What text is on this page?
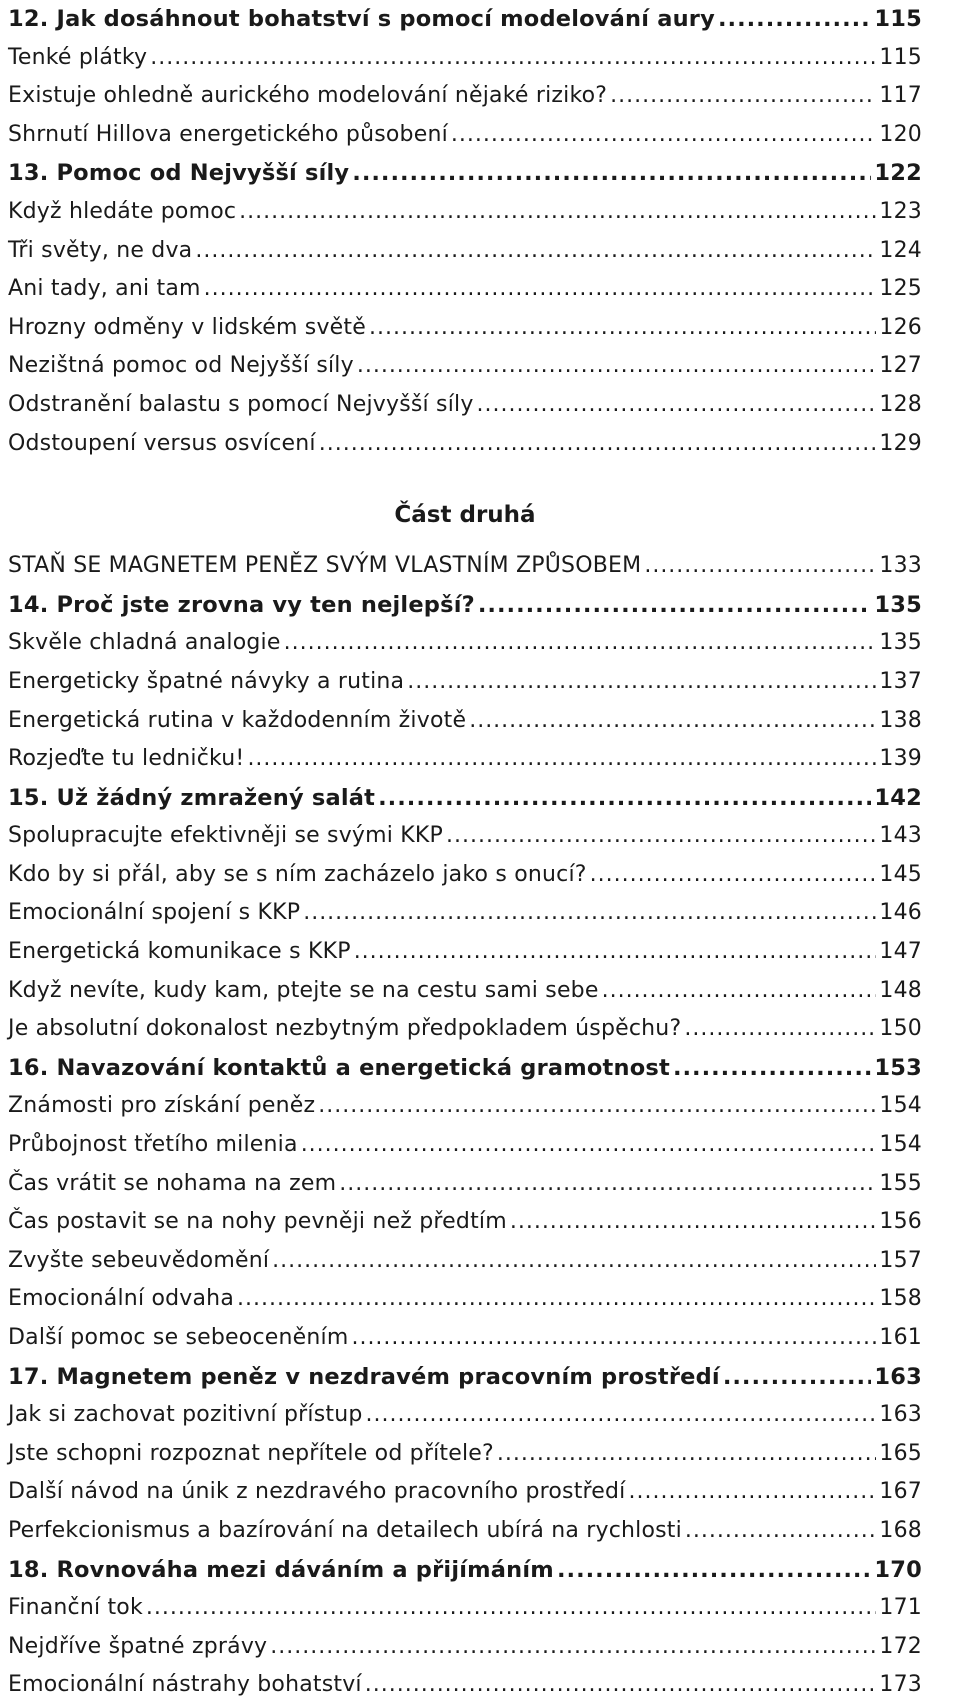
12. Jak dosáhnout bohatství s pomocí modelování aury .....	115
Tenké plátky .....	115
Existuje ohledně aurického modelování nějaké riziko? .....	117
Shrnutí Hillova energetického působení .....	120
13. Pomoc od Nejvyšší síly .....	122
Když hledáte pomoc .....	123
Tři světy, ne dva .....	124
Ani tady, ani tam .....	125
Hrozny odměny v lidském světě .....	126
Nezištná pomoc od Nejyšší síly .....	127
Odstranění balastu s pomocí Nejvyšší síly .....	128
Odstoupení versus osvícení .....	129
Část druhá
STAŇ SE MAGNETEM PENĚZ SVÝM VLASTNÍM ZPŮSOBEM .....	133
14. Proč jste zrovna vy ten nejlepší? .....	135
Skvěle chladná analogie .....	135
Energeticky špatné návyky a rutina .....	137
Energetická rutina v každodenním životě .....	138
Rozjeďte tu ledničku! .....	139
15. Už žádný zmražený salát .....	142
Spolupracujte efektivněji se svými KKP .....	143
Kdo by si přál, aby se s ním zacházelo jako s onucí? .....	145
Emocionální spojení s KKP .....	146
Energetická komunikace s KKP .....	147
Když nevíte, kudy kam, ptejte se na cestu sami sebe .....	148
Je absolutní dokonalost nezbytným předpokladem úspěchu? .....	150
16. Navazování kontaktů a energetická gramotnost .....	153
Známosti pro získání peněz .....	154
Průbojnost třetího milenia .....	154
Čas vrátit se nohama na zem .....	155
Čas postavit se na nohy pevněji než předtím .....	156
Zvyšte sebeuvědomění .....	157
Emocionální odvaha .....	158
Další pomoc se sebeoceněním .....	161
17. Magnetem peněz v nezdravém pracovním prostředí .....	163
Jak si zachovat pozitivní přístup .....	163
Jste schopni rozpoznat nepřítele od přítele? .....	165
Další návod na únik z nezdravého pracovního prostředí .....	167
Perfekcionismus a bazírování na detailech ubírá na rychlosti .....	168
18. Rovnováha mezi dáváním a přijímáním .....	170
Finanční tok .....	171
Nejdříve špatné zprávy .....	172
Emocionální nástrahy bohatství .....	173
